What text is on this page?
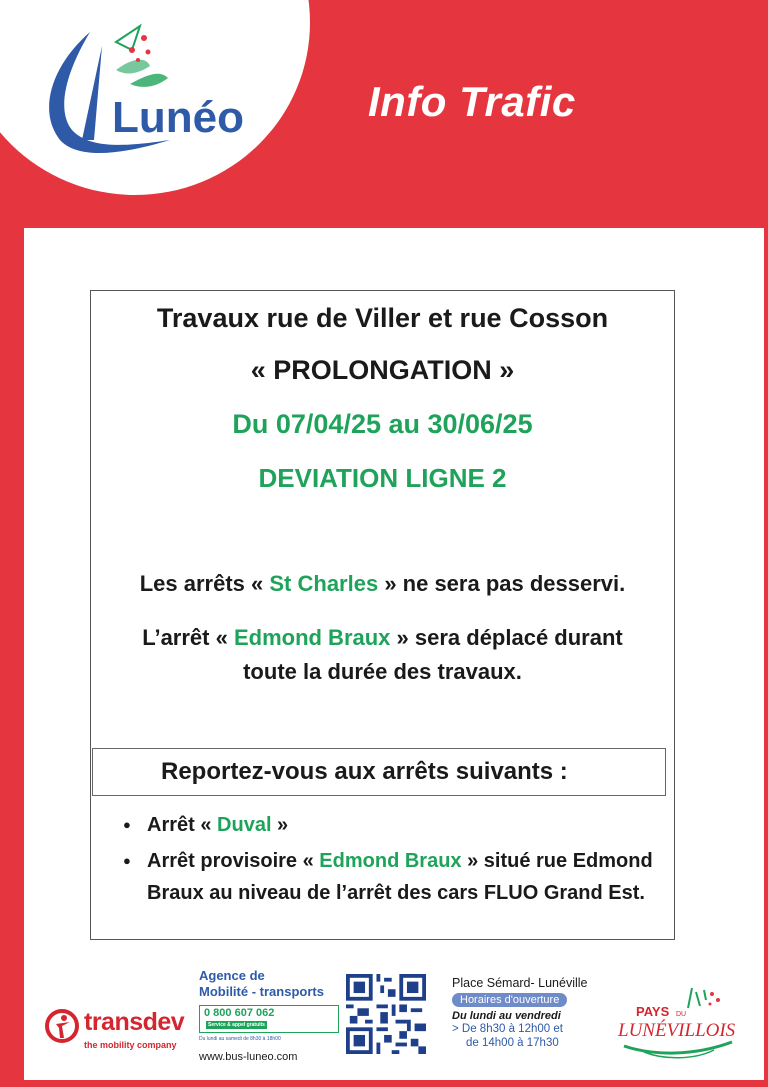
Lunéo	Info Trafic
Travaux rue de Viller et rue Cosson
« PROLONGATION »
Du 07/04/25 au 30/06/25
DEVIATION LIGNE 2
Les arrêts « St Charles » ne sera pas desservi.
L’arrêt « Edmond Braux » sera déplacé durant
toute la durée des travaux.
Reportez-vous aux arrêts suivants :
● Arrêt « Duval »
● Arrêt provisoire « Edmond Braux » situé rue Edmond Braux au niveau de l’arrêt des cars FLUO Grand Est.
transdev
the mobility company
Agence de
Mobilité - transports
0 800 607 062Service & appel gratuits
Du lundi au samedi de 8h30 à 18h00
www.bus-luneo.com
Place Sémard- Lunéville
Horaires d'ouverture
Du lundi au vendredi
> De 8h30 à 12h00 et
de 14h00 à 17h30
PAYS DU
LUNÉVILLOIS
